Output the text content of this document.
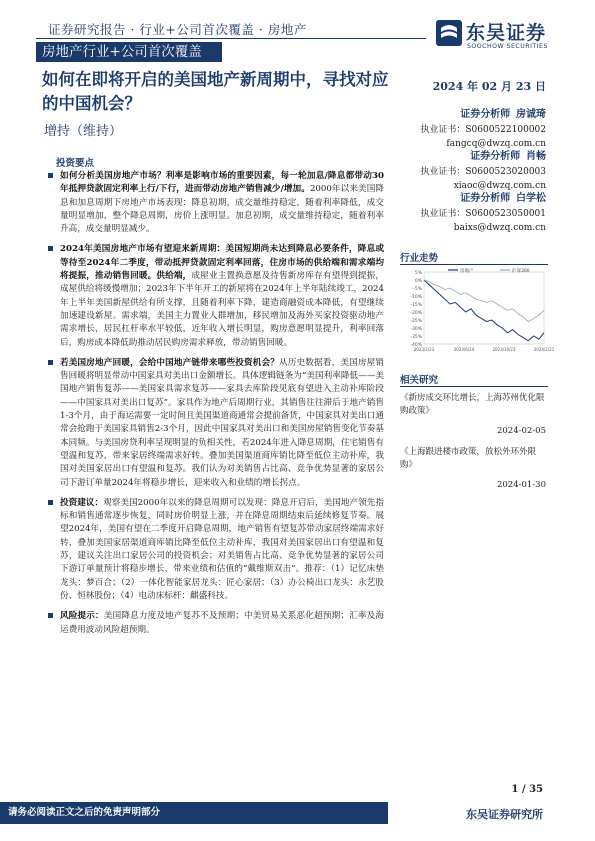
证券研究报告 · 行业+公司首次覆盖 · 房地产	东吴证券
SOOCHOW SECURITIES
房地产行业+公司首次覆盖
如何在即将开启的美国地产新周期中，寻找对应的中国机会？
增持（维持）
2024 年 02 月 23 日
证券分析师 房诚琦
执业证书：S0600522100002
fangcq@dwzq.com.cn
证券分析师 肖畅
执业证书：S0600523020003
xiaoc@dwzq.com.cn
证券分析师 白学松
执业证书：S0600523050001
baixs@dwzq.com.cn
投资要点

如何分析美国房地产市场？利率是影响市场的重要因素，每一轮加息/降息都带动30年抵押贷款固定利率上行/下行，进而带动房地产销售减少/增加。2000年以来美国降息和加息周期下房地产市场表现：降息初期，成交量维持稳定，随着利率降低，成交量明显增加，整个降息周期，房价上涨明显。加息初期，成交量维持稳定，随着利率升高，成交量明显减少。

2024年美国房地产市场有望迎来新周期：美国短期尚未达到降息必要条件，降息或等待至2024年二季度，带动抵押贷款固定利率回落，住房市场的供给端和需求端均将提振，推动销售回暖。供给端，成屋业主置换意愿及待售新房库存有望得到提振，成屋供给将缓慢增加；2023年下半年开工的新屋将在2024年上半年陆续竣工，2024年上半年美国新屋供给有所支撑，且随着利率下降，建造商融资成本降低，有望继续加速建设新屋。需求端，美国主力置业人群增加，移民增加及海外买家投资驱动地产需求增长，居民杠杆率水平较低，近年收入增长明显，购房意愿明显提升，利率回落后，购房成本降低助推动居民购房需求释放，带动销售回暖。

若美国房地产回暖，会给中国地产链带来哪些投资机会？从历史数据看，美国房屋销售回暖将明显带动中国家具对美出口金额增长。具体逻辑链条为“美国利率降低——美国地产销售复苏——美国家具需求复苏——家具去库阶段见底有望进入主动补库阶段——中国家具对美出口复苏”。家具作为地产后周期行业，其销售往往滞后于地产销售1-3个月，由于海运需要一定时间且美国渠道商通常会提前备货，中国家具对美出口通常会抢跑于美国家具销售2-3个月，因此中国家具对美出口和美国房屋销售变化节奏基本同频。与美国房贷利率呈现明显的负相关性，若2024年进入降息周期，住宅销售有望温和复苏，带来家居终端需求好转。叠加美国渠道商库销比降至低位主动补库，我国对美国家居出口有望温和复苏。我们认为对美销售占比高、竞争优势显著的家居公司下游订单量2024年将稳步增长，迎来收入和业绩的增长拐点。

投资建议：观察美国2000年以来的降息周期可以发现：降息开启后，美国地产领先指标和销售通常逐步恢复，同时房价明显上涨，并在降息周期结束后延续修复节奏。展望2024年，美国有望在二季度开启降息周期，地产销售有望复苏带动家居终端需求好转，叠加美国家居渠道商库销比降至低位主动补库，我国对美国家居出口有望温和复苏，建议关注出口家居公司的投资机会；对美销售占比高、竞争优势显著的家居公司下游订单量预计将稳步增长，带来业绩和估值的“戴维斯双击”。推荐：（1）记忆床垫龙头：梦百合；（2）一体化智能家居龙头：匠心家居；（3）办公椅出口龙头：永艺股份、恒林股份；（4）电动床标杆：麒盛科技。

风险提示：美国降息力度及地产复苏不及预期；中美贸易关系恶化超预期；汇率及海运费用波动风险超预期。

行业走势
5%
0%
-5%
-10%
-15%
-20%
-25%
-30%
-35%
-40%
2023/2/23	2023/6/24	2023/10/23	2024/2/21
房地产	沪深300
相关研究
《新房成交环比增长，上海苏州优化限购政策》
2024-02-05
《上海跟进楼市政策，放松外环外限购》
2024-01-30
1 / 35
请务必阅读正文之后的免责声明部分	东吴证券研究所
